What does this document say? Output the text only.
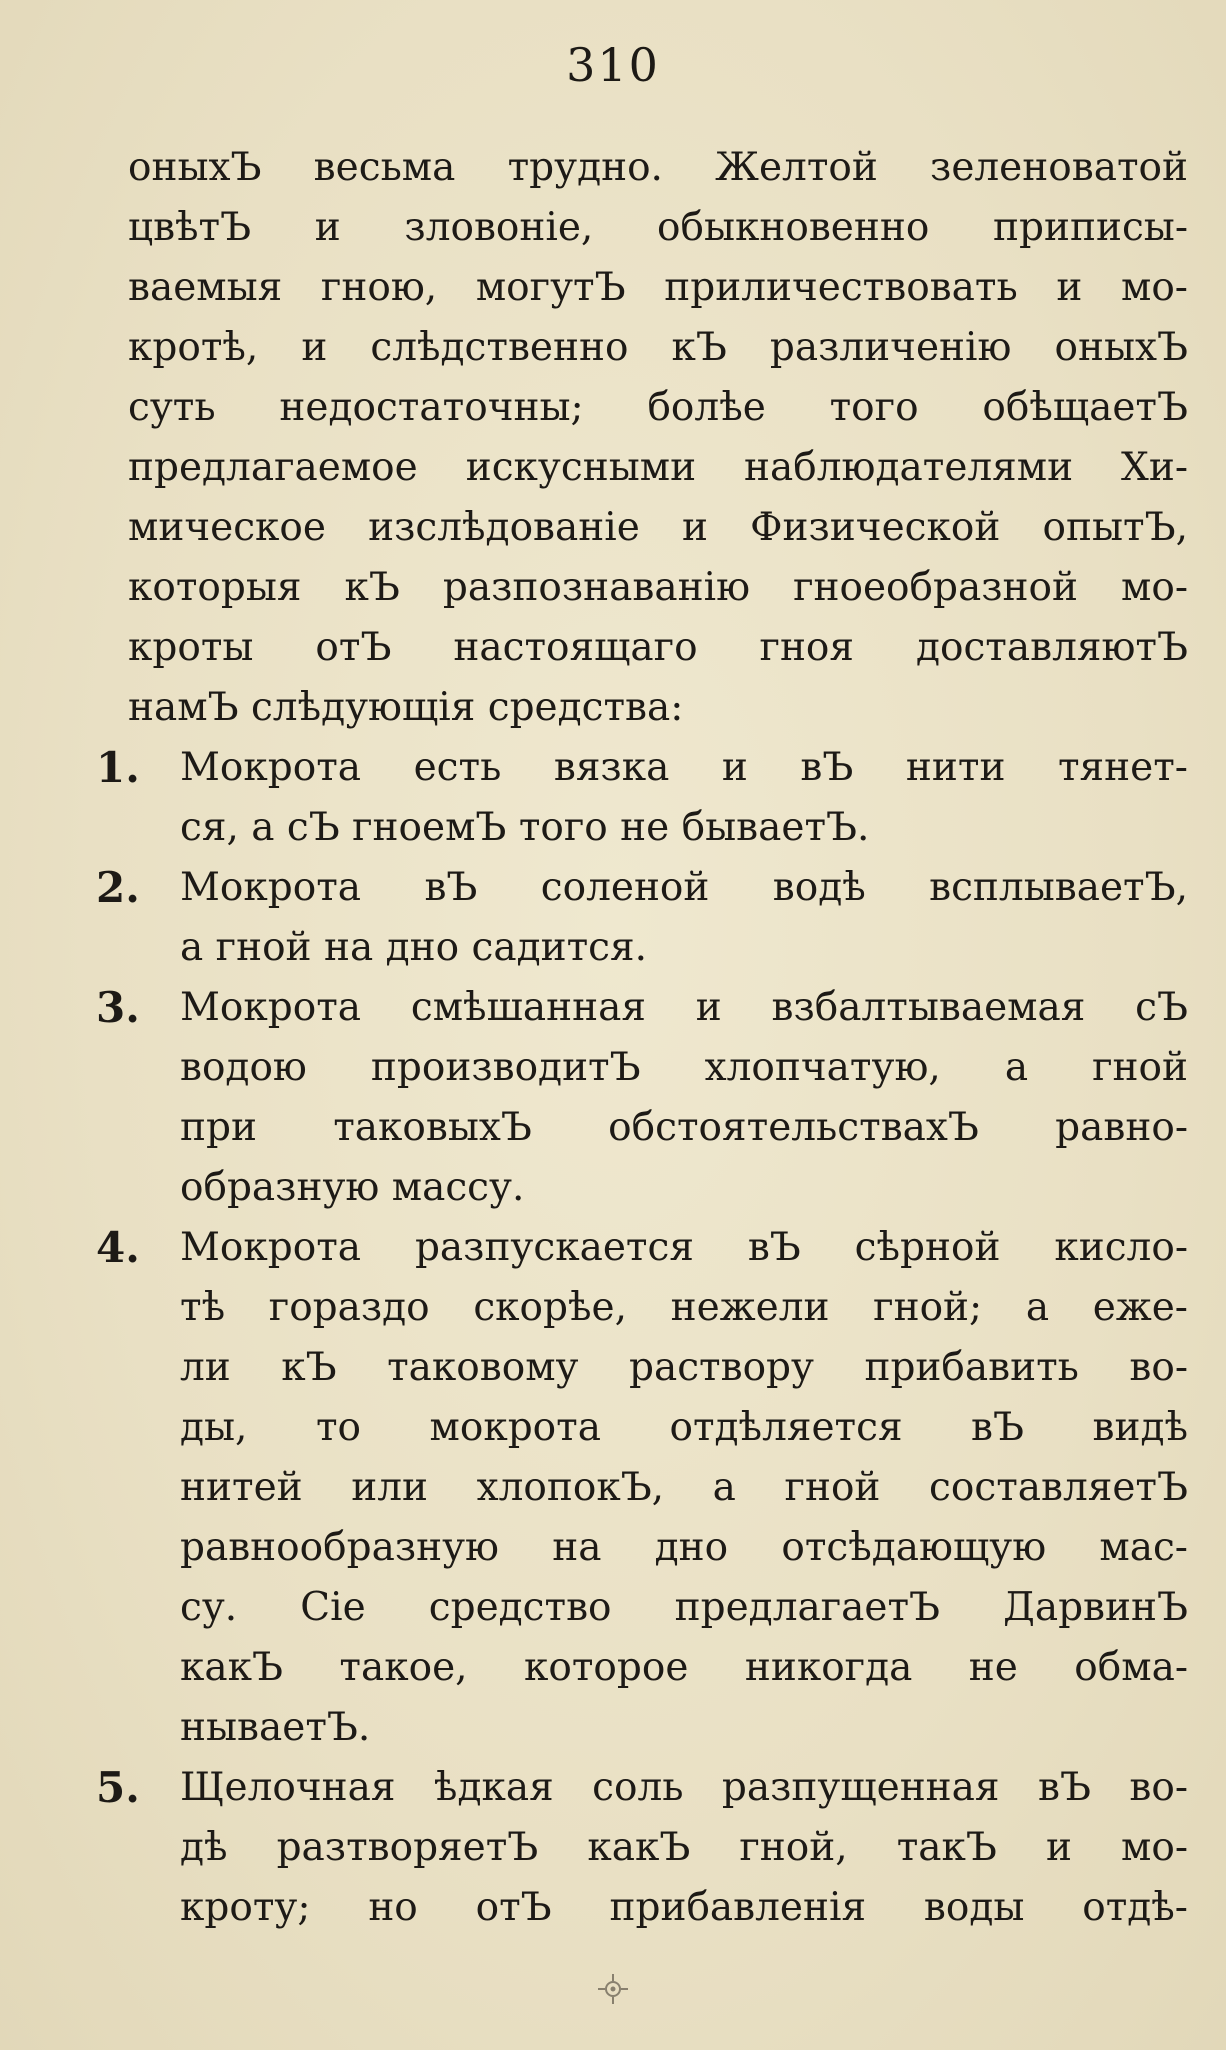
310
оныхЪ весьма трудно. Желтой зеленоватой
цвѣтЪ и зловоніе, обыкновенно приписы-
ваемыя гною, могутЪ приличествовать и мо-
кротѣ, и слѣдственно кЪ различенію оныхЪ
суть недостаточны; болѣе того обѣщаетЪ
предлагаемое искусными наблюдателями Хи-
мическое изслѣдованіе и Физической опытЪ,
которыя кЪ разпознаванію гноеобразной мо-
кроты отЪ настоящаго гноя доставляютЪ
намЪ слѣдующія средства:
1. Мокрота есть вязка и вЪ нити тянет-
ся, а сЪ гноемЪ того не бываетЪ.
2. Мокрота вЪ соленой водѣ всплываетЪ,
а гной на дно садится.
3. Мокрота смѣшанная и взбалтываемая сЪ
водою производитЪ хлопчатую, а гной
при таковыхЪ обстоятельствахЪ равно-
образную массу.
4. Мокрота разпускается вЪ сѣрной кисло-
тѣ гораздо скорѣе, нежели гной; а еже-
ли кЪ таковому раствору прибавить во-
ды, то мокрота отдѣляется вЪ видѣ
нитей или хлопокЪ, а гной составляетЪ
равнообразную на дно отсѣдающую мас-
су. Сіе средство предлагаетЪ ДарвинЪ
какЪ такое, которое никогда не обма-
нываетЪ.
5. Щелочная ѣдкая соль разпущенная вЪ во-
дѣ разтворяетЪ какЪ гной, такЪ и мо-
кроту; но отЪ прибавленія воды отдѣ-
